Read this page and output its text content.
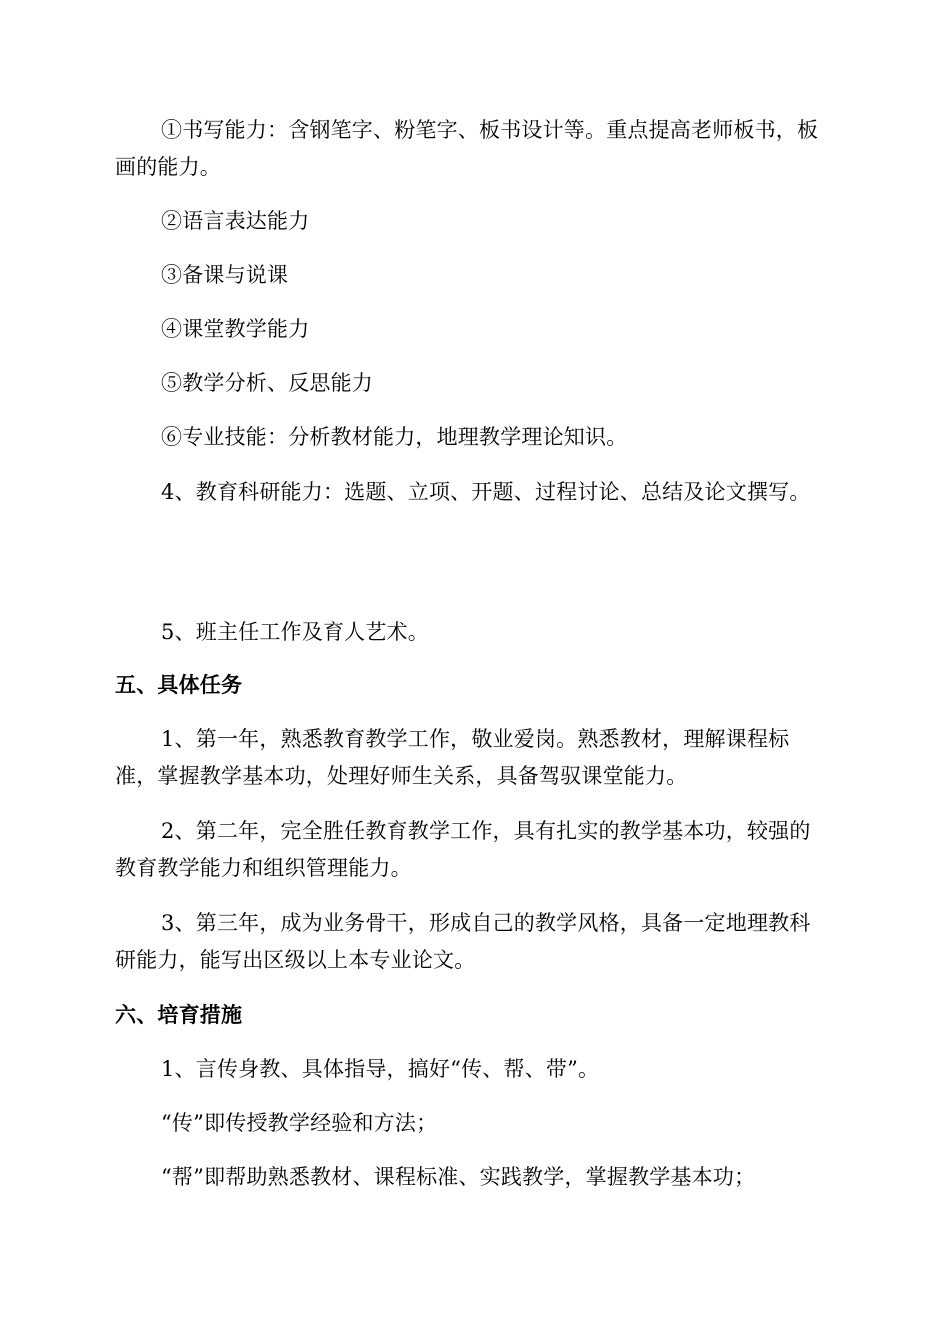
①书写能力：含钢笔字、粉笔字、板书设计等。重点提高老师板书，板画的能力。
②语言表达能力
③备课与说课
④课堂教学能力
⑤教学分析、反思能力
⑥专业技能：分析教材能力，地理教学理论知识。
4、教育科研能力：选题、立项、开题、过程讨论、总结及论文撰写。
5、班主任工作及育人艺术。
五、具体任务
1、第一年，熟悉教育教学工作，敬业爱岗。熟悉教材，理解课程标准，掌握教学基本功，处理好师生关系，具备驾驭课堂能力。
2、第二年，完全胜任教育教学工作，具有扎实的教学基本功，较强的教育教学能力和组织管理能力。
3、第三年，成为业务骨干，形成自己的教学风格，具备一定地理教科研能力，能写出区级以上本专业论文。
六、培育措施
1、言传身教、具体指导，搞好“传、帮、带”。
“传”即传授教学经验和方法；
“帮”即帮助熟悉教材、课程标准、实践教学，掌握教学基本功；
